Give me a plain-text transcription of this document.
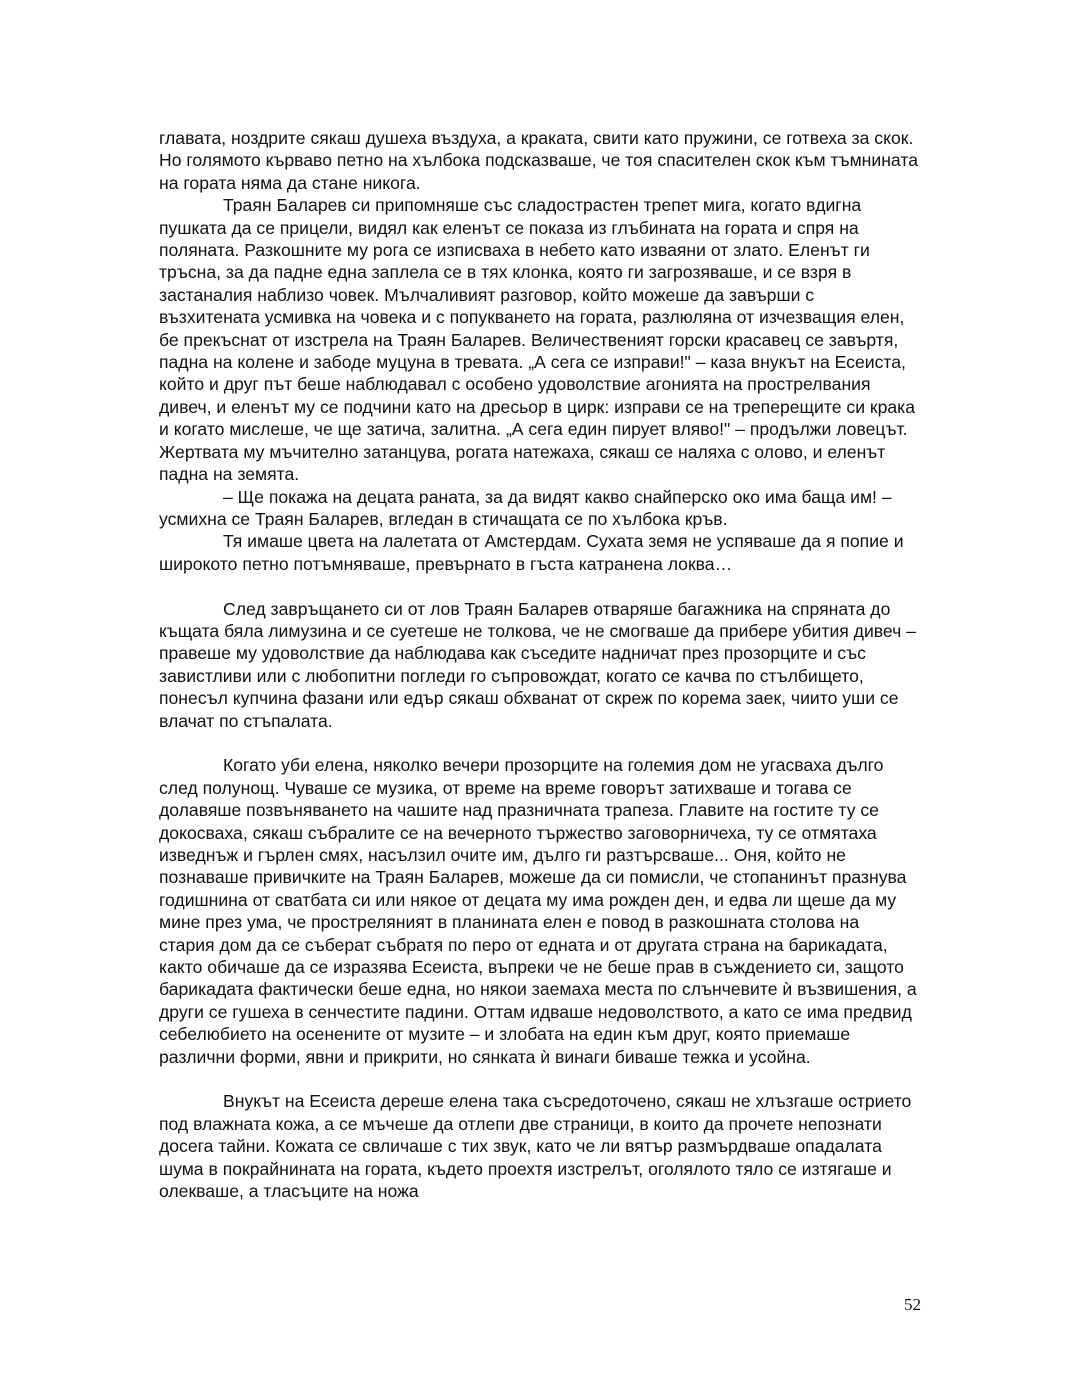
главата, ноздрите сякаш душеха въздуха, а краката, свити като пружини, се готвеха за скок. Но голямото кърваво петно на хълбока подсказваше, че тоя спасителен скок към тъмнината на гората няма да стане никога.

Траян Баларев си припомняше със сладострастен трепет мига, когато вдигна пушката да се прицели, видял как еленът се показа из глъбината на гората и спря на поляната. Разкошните му рога се изписваха в небето като изваяни от злато. Еленът ги тръсна, за да падне една заплела се в тях клонка, която ги загрозяваше, и се взря в застаналия наблизо човек. Мълчаливият разговор, който можеше да завърши с възхитената усмивка на човека и с попукването на гората, разлюляна от изчезващия елен, бе прекъснат от изстрела на Траян Баларев. Величественият горски красавец се завъртя, падна на колене и забоде муцуна в тревата. „А сега се изправи!" – каза внукът на Есеиста, който и друг път беше наблюдавал с особено удоволствие агонията на прострелвания дивеч, и еленът му се подчини като на дресьор в цирк: изправи се на треперещите си крака и когато мислеше, че ще затича, залитна. „А сега един пирует вляво!" – продължи ловецът. Жертвата му мъчително затанцува, рогата натежаха, сякаш се наляха с олово, и еленът падна на земята.

– Ще покажа на децата раната, за да видят какво снайперско око има баща им! – усмихна се Траян Баларев, вгледан в стичащата се по хълбока кръв.

Тя имаше цвета на лалетата от Амстердам. Сухата земя не успяваше да я попие и широкото петно потъмняваше, превърнато в гъста катранена локва…

След завръщането си от лов Траян Баларев отваряше багажника на спряната до къщата бяла лимузина и се суетеше не толкова, че не смогваше да прибере убития дивеч – правеше му удоволствие да наблюдава как съседите надничат през прозорците и със завистливи или с любопитни погледи го съпровождат, когато се качва по стълбището, понесъл купчина фазани или едър сякаш обхванат от скреж по корема заек, чиито уши се влачат по стъпалата.

Когато уби елена, няколко вечери прозорците на големия дом не угасваха дълго след полунощ. Чуваше се музика, от време на време говорът затихваше и тогава се долавяше позвъняването на чашите над празничната трапеза. Главите на гостите ту се докосваха, сякаш събралите се на вечерното тържество заговорничеха, ту се отмятаха изведнъж и гърлен смях, насълзил очите им, дълго ги разтърсваше... Оня, който не познаваше привичките на Траян Баларев, можеше да си помисли, че стопанинът празнува годишнина от сватбата си или някое от децата му има рожден ден, и едва ли щеше да му мине през ума, че простреляният в планината елен е повод в разкошната столова на стария дом да се съберат събратя по перо от едната и от другата страна на барикадата, както обичаше да се изразява Есеиста, въпреки че не беше прав в съждението си, защото барикадата фактически беше една, но някои заемаха места по слънчевите ѝ възвишения, а други се гушеха в сенчестите падини. Оттам идваше недоволството, а като се има предвид себелюбието на осенените от музите – и злобата на един към друг, която приемаше различни форми, явни и прикрити, но сянката ѝ винаги биваше тежка и усойна.

Внукът на Есеиста дереше елена така съсредоточено, сякаш не хлъзгаше острието под влажната кожа, а се мъчеше да отлепи две страници, в които да прочете непознати досега тайни. Кожата се свличаше с тих звук, като че ли вятър размърдваше опадалата шума в покрайнината на гората, където проехтя изстрелът, оголялото тяло се изтягаше и олекваше, а тласъците на ножа

52
